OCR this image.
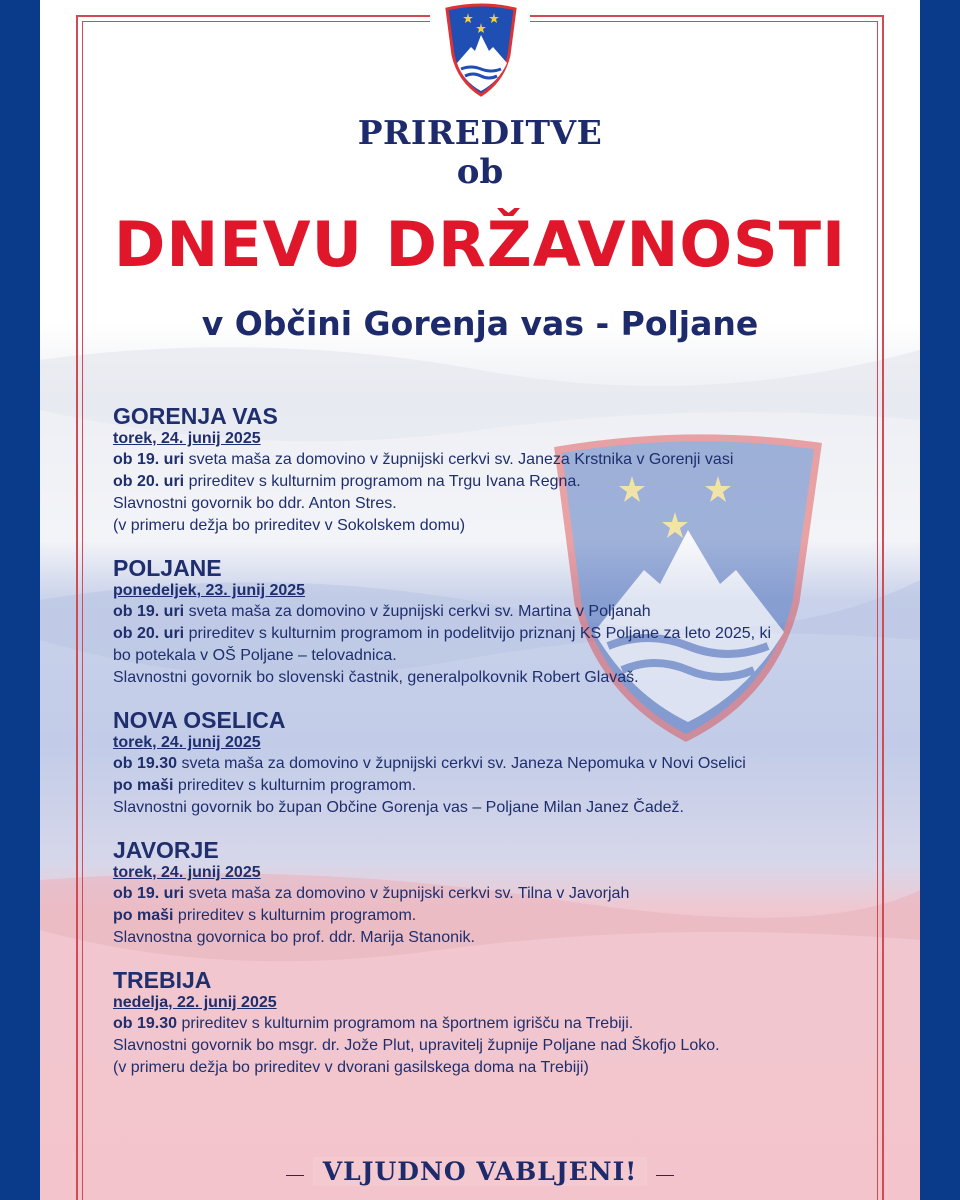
PRIREDITVE
ob
DNEVU DRŽAVNOSTI
v Občini Gorenja vas - Poljane
GORENJA VAS
torek, 24. junij 2025

ob 19. uri sveta maša za domovino v župnijski cerkvi sv. Janeza Krstnika v Gorenji vasi

ob 20. uri prireditev s kulturnim programom na Trgu Ivana Regna.

Slavnostni govornik bo ddr. Anton Stres.

(v primeru dežja bo prireditev v Sokolskem domu)

POLJANE
ponedeljek, 23. junij 2025

ob 19. uri sveta maša za domovino v župnijski cerkvi sv. Martina v Poljanah

ob 20. uri prireditev s kulturnim programom in podelitvijo priznanj KS Poljane za leto 2025, ki

bo potekala v OŠ Poljane – telovadnica.

Slavnostni govornik bo slovenski častnik, generalpolkovnik Robert Glavaš.

NOVA OSELICA
torek, 24. junij 2025

ob 19.30 sveta maša za domovino v župnijski cerkvi sv. Janeza Nepomuka v Novi Oselici

po maši prireditev s kulturnim programom.

Slavnostni govornik bo župan Občine Gorenja vas – Poljane Milan Janez Čadež.

JAVORJE
torek, 24. junij 2025

ob 19. uri sveta maša za domovino v župnijski cerkvi sv. Tilna v Javorjah

po maši prireditev s kulturnim programom.

Slavnostna govornica bo prof. ddr. Marija Stanonik.

TREBIJA
nedelja, 22. junij 2025

ob 19.30 prireditev s kulturnim programom na športnem igrišču na Trebiji.

Slavnostni govornik bo msgr. dr. Jože Plut, upravitelj župnije Poljane nad Škofjo Loko.

(v primeru dežja bo prireditev v dvorani gasilskega doma na Trebiji)

VLJUDNO VABLJENI!
